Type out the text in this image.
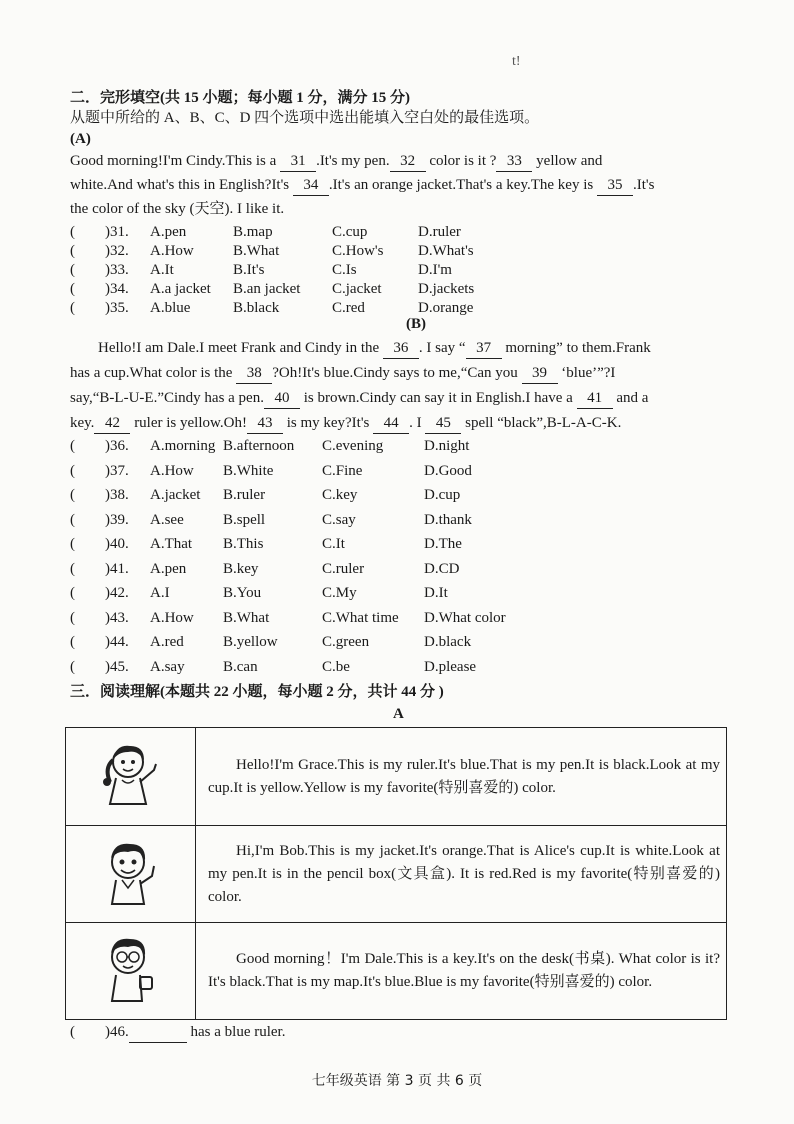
t!
二．完形填空(共 15 小题；每小题 1 分，满分 15 分)
从题中所给的 A、B、C、D 四个选项中选出能填入空白处的最佳选项。
(A)
Good morning!I'm Cindy.This is a 31 .It's my pen. 32 color is it ? 33 yellow and
white.And what's this in English?It's 34 .It's an orange jacket.That's a key.The key is 35 .It's
the color of the sky (天空). I like it.
(　　)31. A.pen	B.map	C.cup	D.ruler
(　　)32. A.How	B.What	C.How's D.What's
(　　)33. A.It	B.It's	C.Is	D.I'm
(　　)34. A.a jacket B.an jacket C.jacket D.jackets
(　　)35. A.blue	B.black	C.red	D.orange
(B)
Hello!I am Dale.I meet Frank and Cindy in the 36 . I say “ 37 morning” to them.Frank
has a cup.What color is the 38 ?Oh!It's blue.Cindy says to me,“Can you 39 ‘blue’”?I
say,“B-L-U-E.”Cindy has a pen. 40 is brown.Cindy can say it in English.I have a 41 and a
key. 42 ruler is yellow.Oh! 43 is my key?It's 44 . I 45 spell “black”,B-L-A-C-K.
(　　)36. A.morning B.afternoon C.evening	D.night
(　　)37. A.How B.White	C.Fine	D.Good
(　　)38. A.jacket B.ruler	C.key	D.cup
(　　)39. A.see	B.spell	C.say	D.thank
(　　)40. A.That B.This	C.It	D.The
(　　)41. A.pen B.key	C.ruler	D.CD
(　　)42. A.I	B.You	C.My	D.It
(　　)43. A.How B.What	C.What time D.What color
(　　)44. A.red	B.yellow	C.green	D.black
(　　)45. A.say	B.can	C.be	D.please
三．阅读理解(本题共 22 小题，每小题 2 分，共计 44 分 )
A
	Hello!I'm Grace.This is my ruler.It's blue.That is my pen.It is black.Look at my cup.It is yellow.Yellow is my favorite(特别喜爱的) color.
	Hi,I'm Bob.This is my jacket.It's orange.That is Alice's cup.It is white.Look at my pen.It is in the pencil box(文具盒). It is red.Red is my favorite(特别喜爱的) color.
	Good morning！I'm Dale.This is a key.It's on the desk(书桌). What color is it?It's black.That is my map.It's blue.Blue is my favorite(特别喜爱的) color.
(　　)46.	has a blue ruler.
七年级英语 第 3 页 共 6 页
